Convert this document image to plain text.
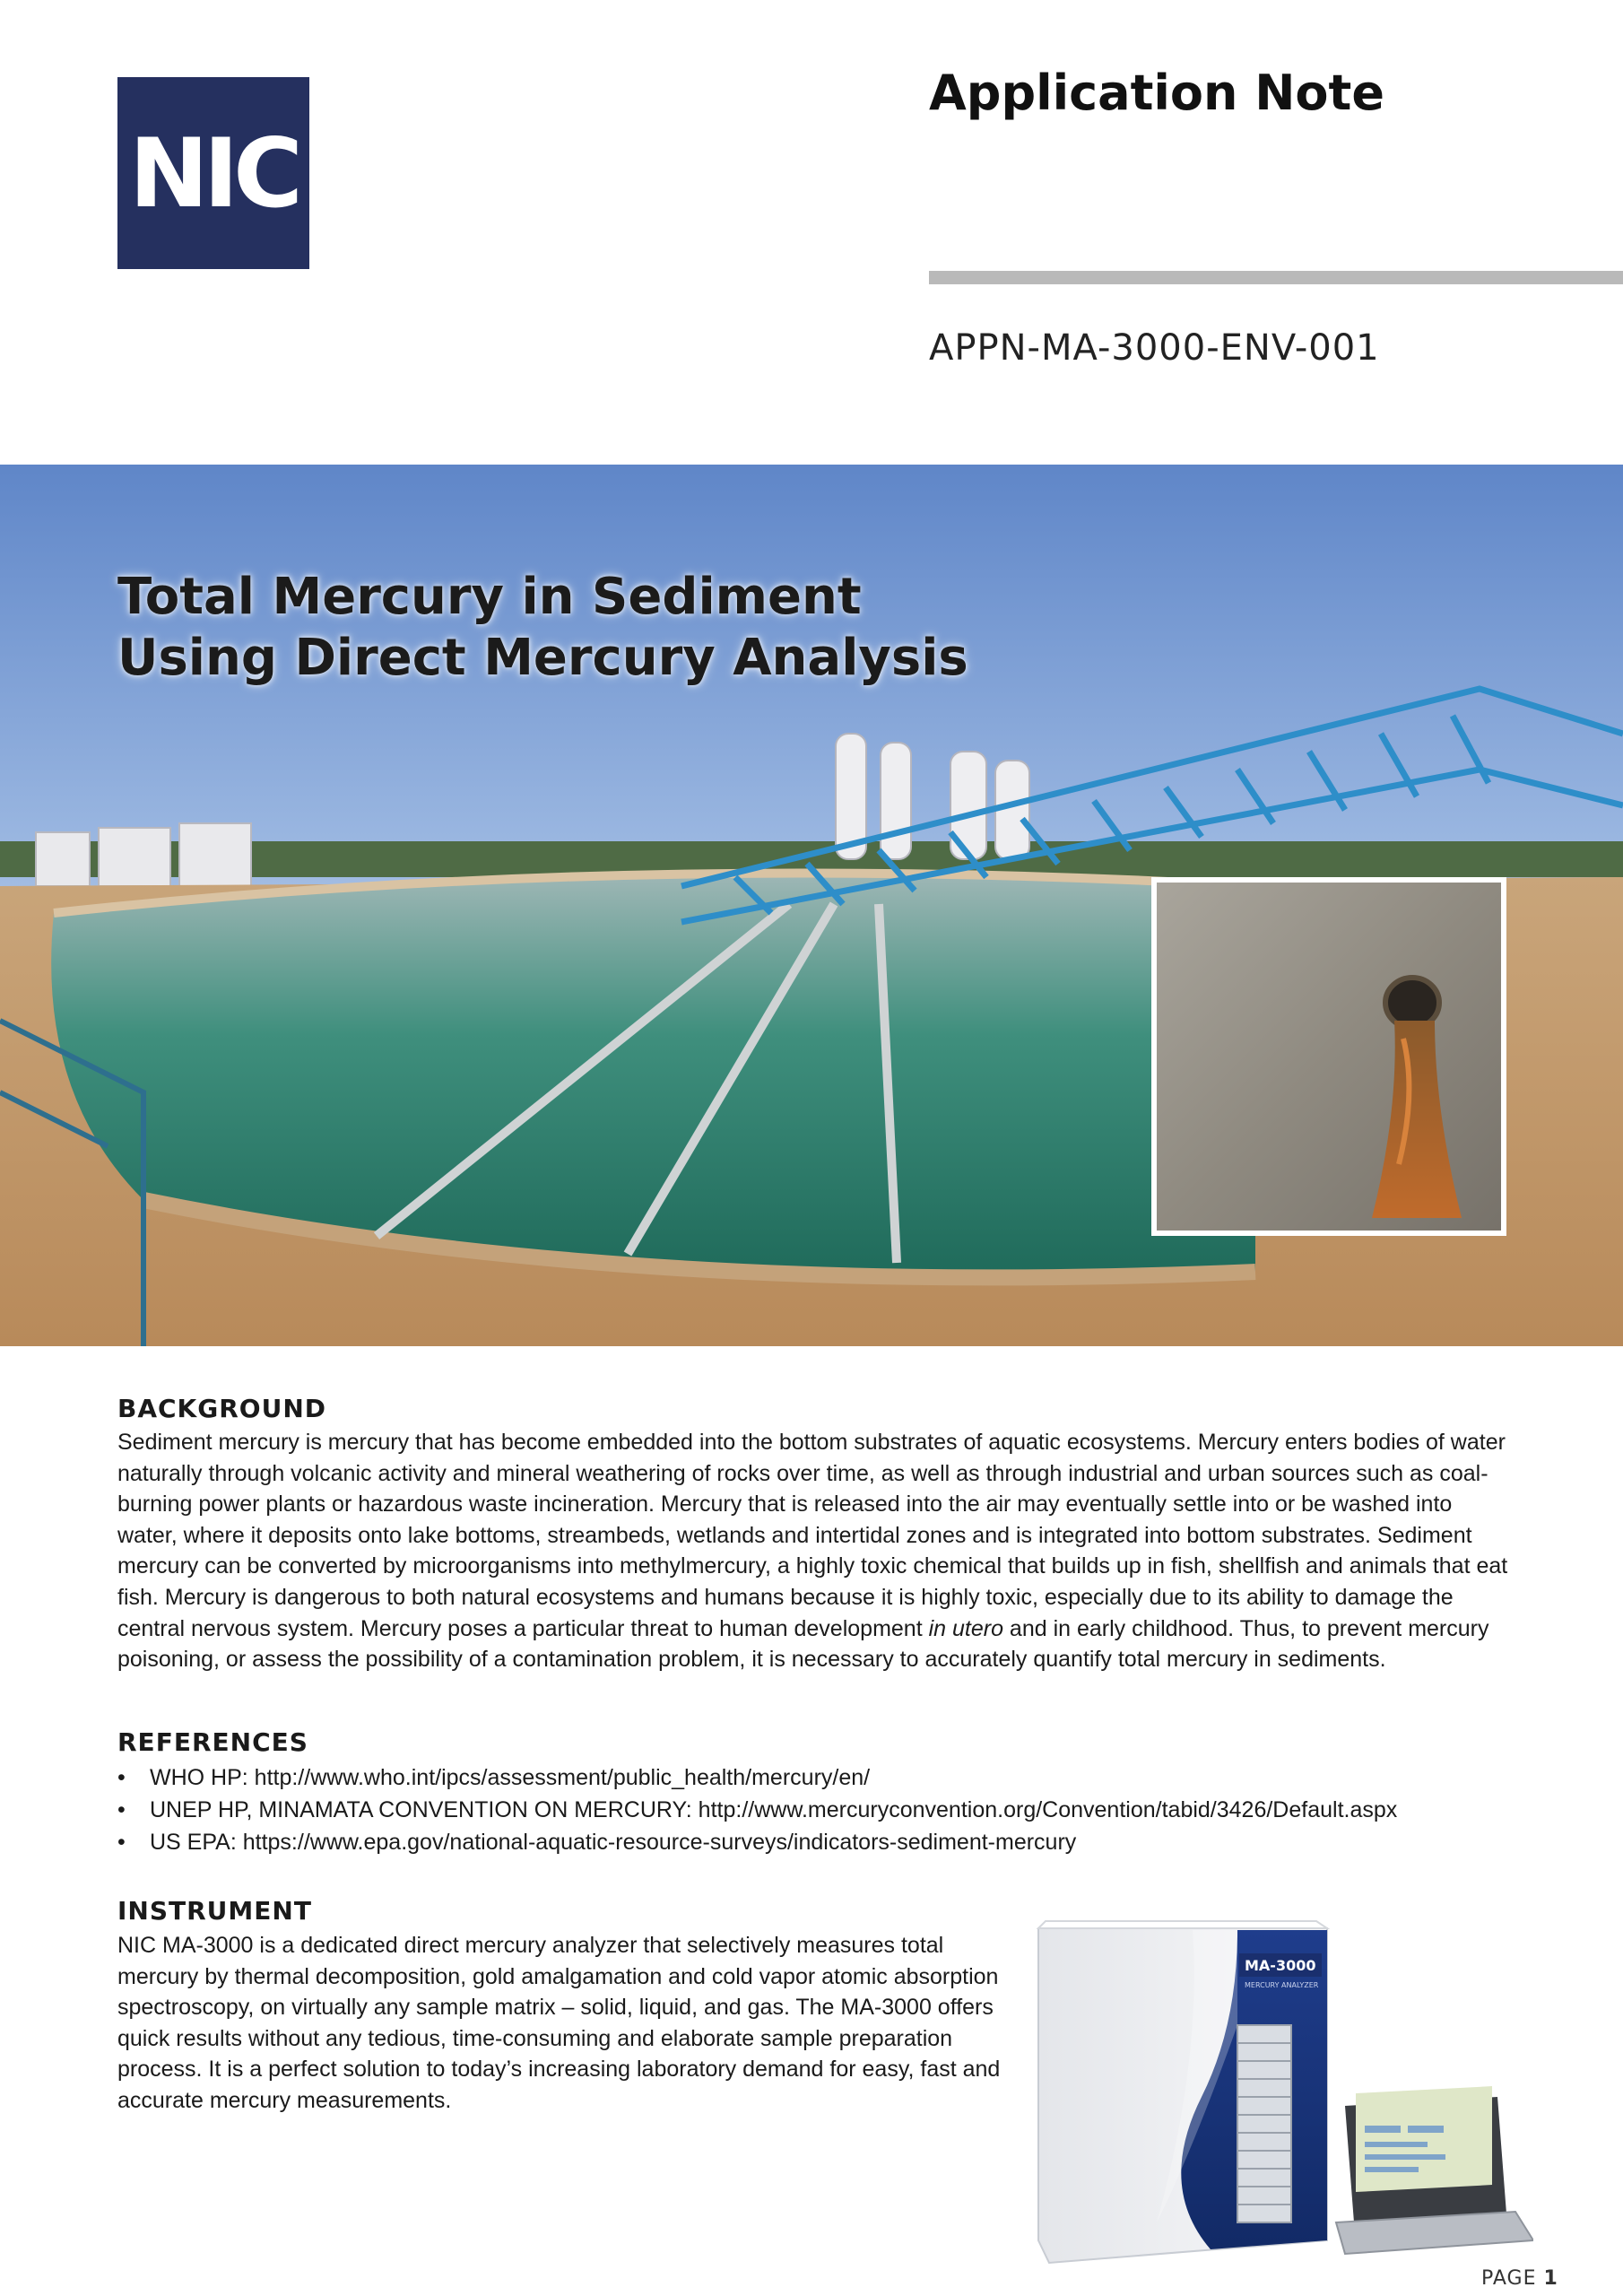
NIC
Application Note
APPN-MA-3000-ENV-001
Total Mercury in Sediment
Using Direct Mercury Analysis
BACKGROUND
Sediment mercury is mercury that has become embedded into the bottom substrates of aquatic ecosystems. Mercury enters bodies of water naturally through volcanic activity and mineral weathering of rocks over time, as well as through industrial and urban sources such as coal-burning power plants or hazardous waste incineration. Mercury that is released into the air may eventually settle into or be washed into water, where it deposits onto lake bottoms, streambeds, wetlands and intertidal zones and is integrated into bottom substrates. Sediment mercury can be converted by microorganisms into methylmercury, a highly toxic chemical that builds up in fish, shellfish and animals that eat fish. Mercury is dangerous to both natural ecosystems and humans because it is highly toxic, especially due to its ability to damage the central nervous system. Mercury poses a particular threat to human development in utero and in early childhood. Thus, to prevent mercury poisoning, or assess the possibility of a contamination problem, it is necessary to accurately quantify total mercury in sediments.
REFERENCES
• WHO HP: http://www.who.int/ipcs/assessment/public_health/mercury/en/
• UNEP HP, MINAMATA CONVENTION ON MERCURY: http://www.mercuryconvention.org/Convention/tabid/3426/Default.aspx
• US EPA: https://www.epa.gov/national-aquatic-resource-surveys/indicators-sediment-mercury
INSTRUMENT
NIC MA-3000 is a dedicated direct mercury analyzer that selectively measures total mercury by thermal decomposition, gold amalgamation and cold vapor atomic absorption spectroscopy, on virtually any sample matrix – solid, liquid, and gas. The MA-3000 offers quick results without any tedious, time-consuming and elaborate sample preparation process. It is a perfect solution to today’s increasing laboratory demand for easy, fast and accurate mercury measurements.
MA-3000
MERCURY ANALYZER
PAGE 1
